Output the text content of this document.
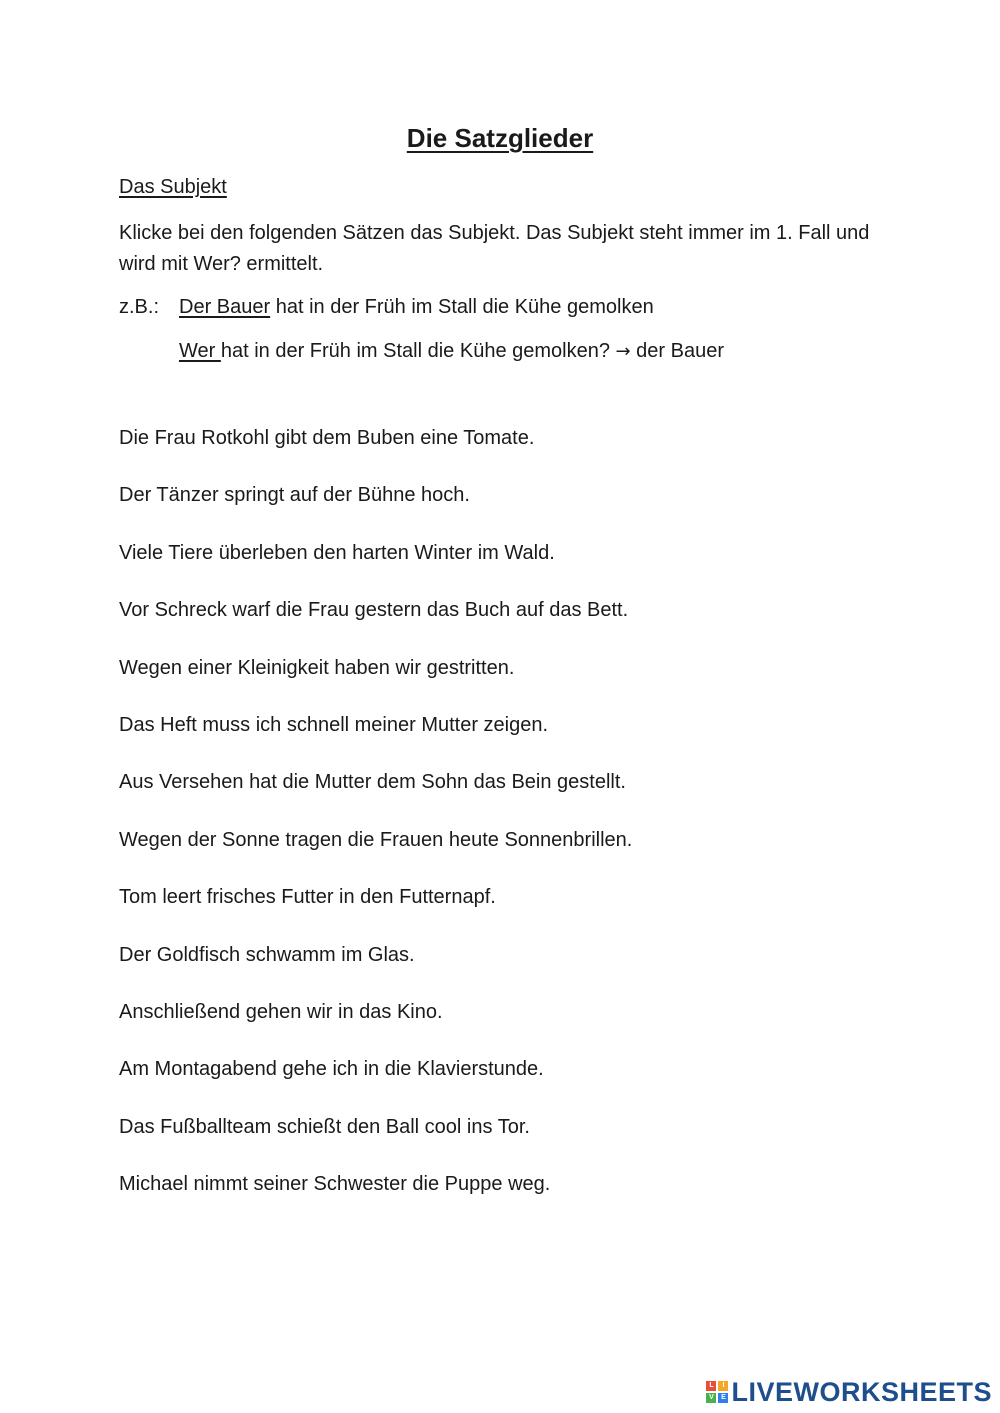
Die Satzglieder
Das Subjekt
Klicke bei den folgenden Sätzen das Subjekt. Das Subjekt steht immer im 1. Fall und wird mit Wer? ermittelt.
z.B.: Der Bauer hat in der Früh im Stall die Kühe gemolken
Wer hat in der Früh im Stall die Kühe gemolken? → der Bauer
Die Frau Rotkohl gibt dem Buben eine Tomate.
Der Tänzer springt auf der Bühne hoch.
Viele Tiere überleben den harten Winter im Wald.
Vor Schreck warf die Frau gestern das Buch auf das Bett.
Wegen einer Kleinigkeit haben wir gestritten.
Das Heft muss ich schnell meiner Mutter zeigen.
Aus Versehen hat die Mutter dem Sohn das Bein gestellt.
Wegen der Sonne tragen die Frauen heute Sonnenbrillen.
Tom leert frisches Futter in den Futternapf.
Der Goldfisch schwamm im Glas.
Anschließend gehen wir in das Kino.
Am Montagabend gehe ich in die Klavierstunde.
Das Fußballteam schießt den Ball cool ins Tor.
Michael nimmt seiner Schwester die Puppe weg.
L	I
V	E LIVEWORKSHEETS
